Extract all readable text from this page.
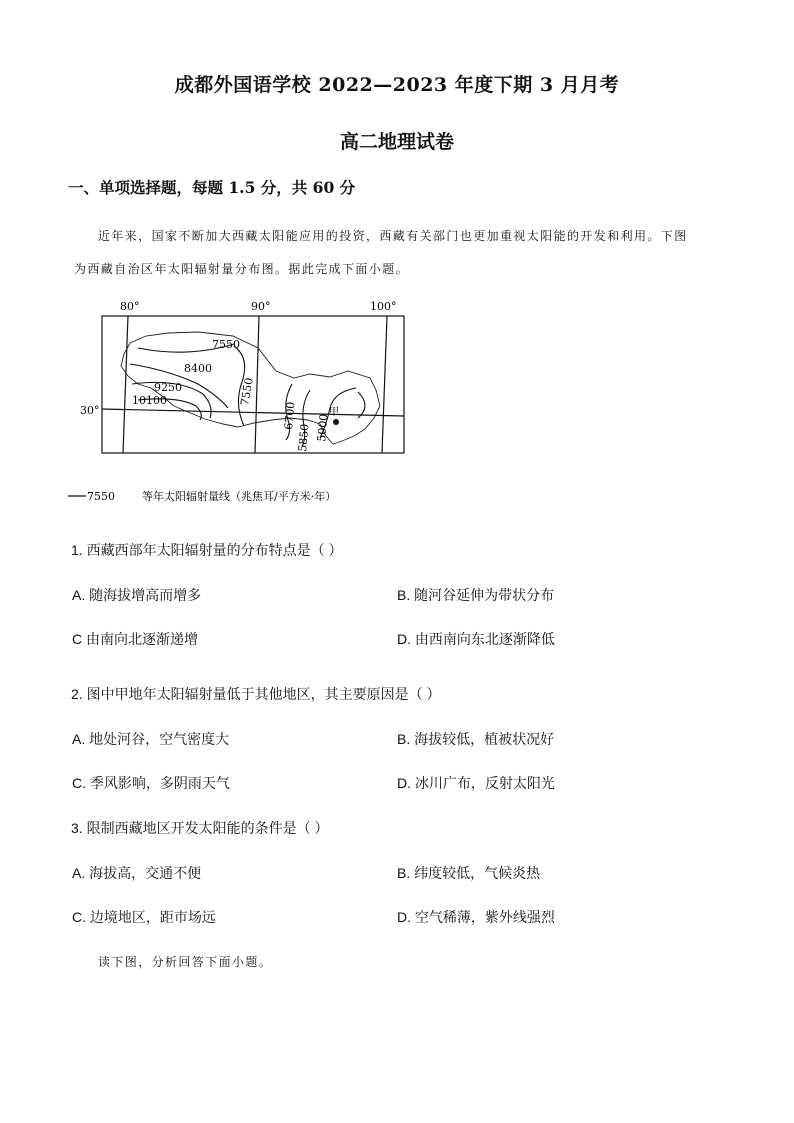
成都外国语学校 2022—2023 年度下期 3 月月考
高二地理试卷
一、单项选择题，每题 1.5 分，共 60 分
近年来，国家不断加大西藏太阳能应用的投资，西藏有关部门也更加重视太阳能的开发和利用。下图
为西藏自治区年太阳辐射量分布图。据此完成下面小题。
80°	90°	100°
30°
7550
8400
9250
10100	7550
6700
5850 5000
甲
7550 等年太阳辐射量线（兆焦耳/平方米·年）
1. 西藏西部年太阳辐射量的分布特点是（ ）
A. 随海拔增高而增多	B. 随河谷延伸为带状分布
C 由南向北逐渐递增	D. 由西南向东北逐渐降低
2. 图中甲地年太阳辐射量低于其他地区，其主要原因是（ ）
A. 地处河谷，空气密度大	B. 海拔较低，植被状况好
C. 季风影响，多阴雨天气	D. 冰川广布，反射太阳光
3. 限制西藏地区开发太阳能的条件是（ ）
A. 海拔高，交通不便	B. 纬度较低，气候炎热
C. 边境地区，距市场远	D. 空气稀薄，紫外线强烈
读下图，分析回答下面小题。
